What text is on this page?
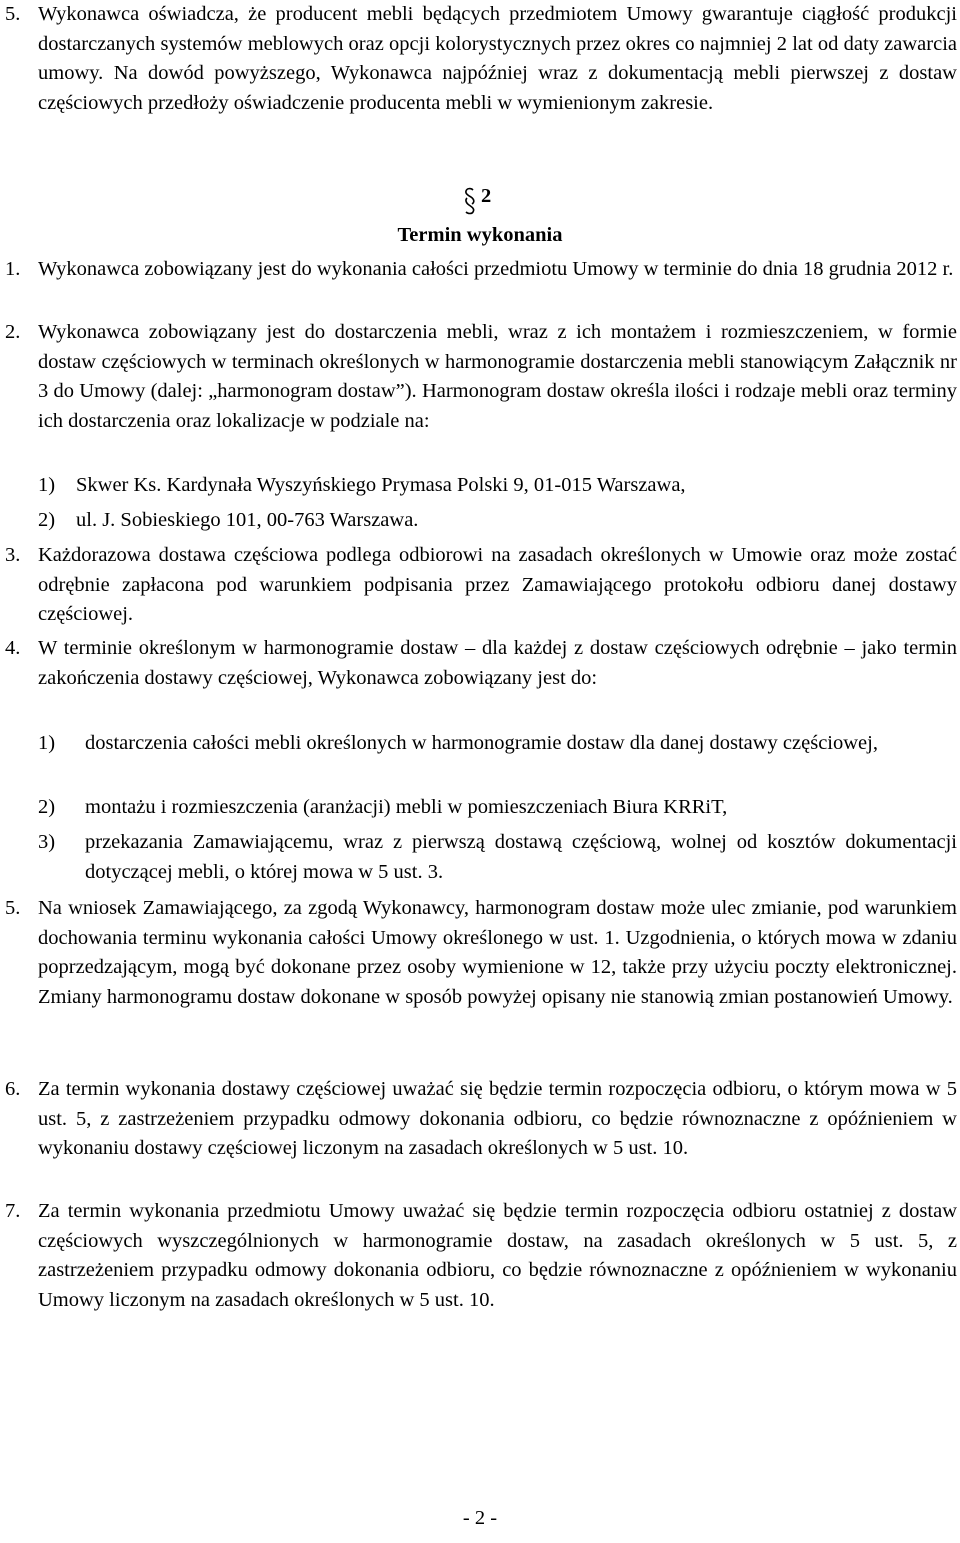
5. Wykonawca oświadcza, że producent mebli będących przedmiotem Umowy gwarantuje ciągłość produkcji dostarczanych systemów meblowych oraz opcji kolorystycznych przez okres co najmniej 2 lat od daty zawarcia umowy. Na dowód powyższego, Wykonawca najpóźniej wraz z dokumentacją mebli pierwszej z dostaw częściowych przedłoży oświadczenie producenta mebli w wymienionym zakresie.
2
Termin wykonania
1. Wykonawca zobowiązany jest do wykonania całości przedmiotu Umowy w terminie do dnia 18 grudnia 2012 r.
2. Wykonawca zobowiązany jest do dostarczenia mebli, wraz z ich montażem i rozmieszczeniem, w formie dostaw częściowych w terminach określonych w harmonogramie dostarczenia mebli stanowiącym Załącznik nr 3 do Umowy (dalej: „harmonogram dostaw”). Harmonogram dostaw określa ilości i rodzaje mebli oraz terminy ich dostarczenia oraz lokalizacje w podziale na:
1) Skwer Ks. Kardynała Wyszyńskiego Prymasa Polski 9, 01-015 Warszawa,
2) ul. J. Sobieskiego 101, 00-763 Warszawa.
3. Każdorazowa dostawa częściowa podlega odbiorowi na zasadach określonych w Umowie oraz może zostać odrębnie zapłacona pod warunkiem podpisania przez Zamawiającego protokołu odbioru danej dostawy częściowej.
4. W terminie określonym w harmonogramie dostaw – dla każdej z dostaw częściowych odrębnie – jako termin zakończenia dostawy częściowej, Wykonawca zobowiązany jest do:
1) dostarczenia całości mebli określonych w harmonogramie dostaw dla danej dostawy częściowej,
2) montażu i rozmieszczenia (aranżacji) mebli w pomieszczeniach Biura KRRiT,
3) przekazania Zamawiającemu, wraz z pierwszą dostawą częściową, wolnej od kosztów dokumentacji dotyczącej mebli, o której mowa w 5 ust. 3.
5. Na wniosek Zamawiającego, za zgodą Wykonawcy, harmonogram dostaw może ulec zmianie, pod warunkiem dochowania terminu wykonania całości Umowy określonego w ust. 1. Uzgodnienia, o których mowa w zdaniu poprzedzającym, mogą być dokonane przez osoby wymienione w 12, także przy użyciu poczty elektronicznej. Zmiany harmonogramu dostaw dokonane w sposób powyżej opisany nie stanowią zmian postanowień Umowy.
6. Za termin wykonania dostawy częściowej uważać się będzie termin rozpoczęcia odbioru, o którym mowa w 5 ust. 5, z zastrzeżeniem przypadku odmowy dokonania odbioru, co będzie równoznaczne z opóźnieniem w wykonaniu dostawy częściowej liczonym na zasadach określonych w 5 ust. 10.
7. Za termin wykonania przedmiotu Umowy uważać się będzie termin rozpoczęcia odbioru ostatniej z dostaw częściowych wyszczególnionych w harmonogramie dostaw, na zasadach określonych w 5 ust. 5, z zastrzeżeniem przypadku odmowy dokonania odbioru, co będzie równoznaczne z opóźnieniem w wykonaniu Umowy liczonym na zasadach określonych w 5 ust. 10.
- 2 -
